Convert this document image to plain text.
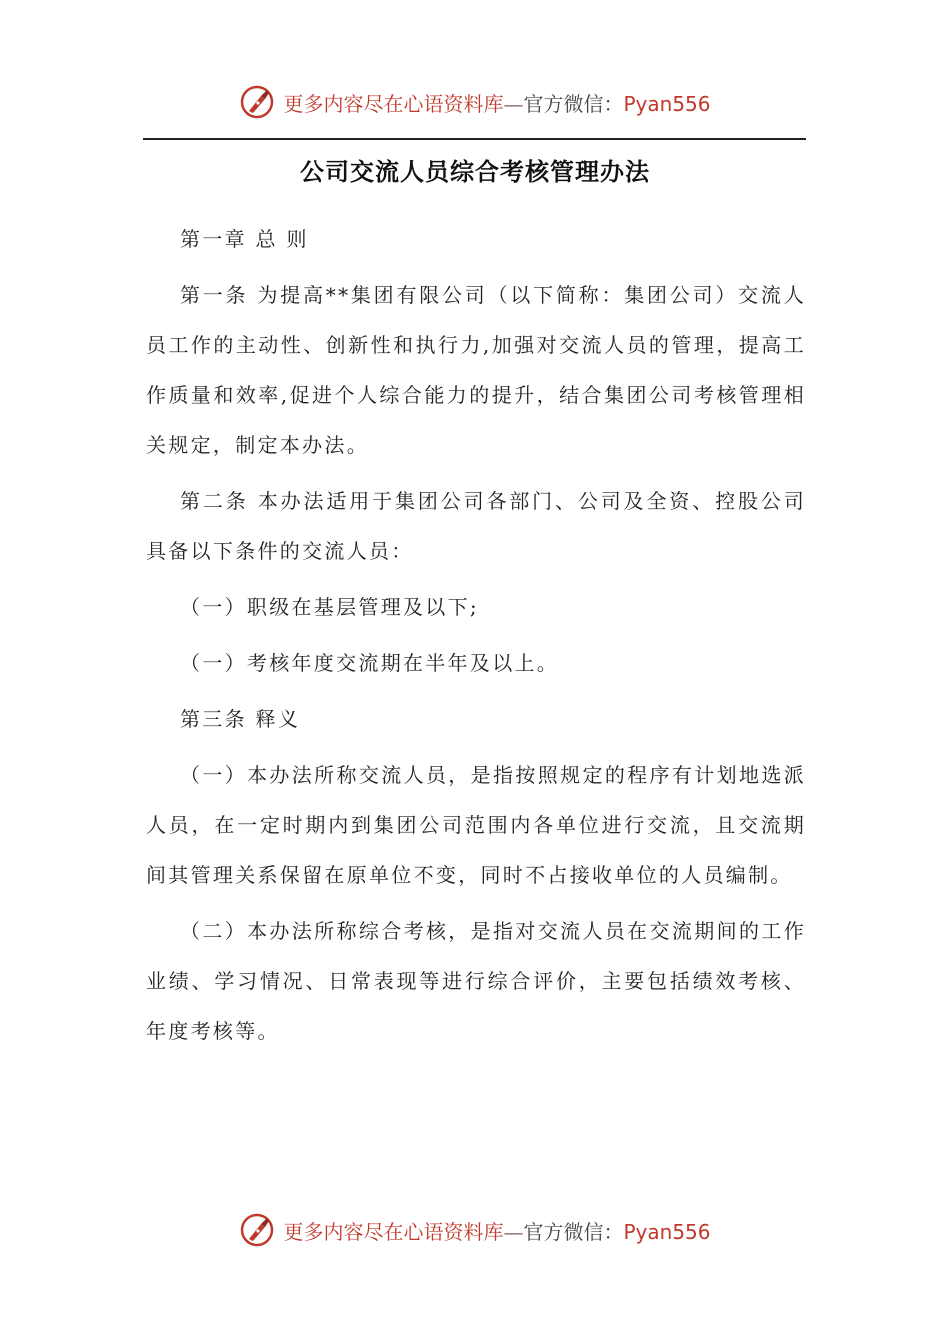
更多内容尽在心语资料库—官方微信：Pyan556
公司交流人员综合考核管理办法

第一章 总 则

第一条 为提高**集团有限公司（以下简称：集团公司）交流人员工作的主动性、创新性和执行力,加强对交流人员的管理，提高工作质量和效率,促进个人综合能力的提升，结合集团公司考核管理相关规定，制定本办法。

第二条 本办法适用于集团公司各部门、公司及全资、控股公司具备以下条件的交流人员：

（一）职级在基层管理及以下;

（一）考核年度交流期在半年及以上。

第三条 释义

（一）本办法所称交流人员，是指按照规定的程序有计划地选派人员，在一定时期内到集团公司范围内各单位进行交流，且交流期间其管理关系保留在原单位不变，同时不占接收单位的人员编制。

（二）本办法所称综合考核，是指对交流人员在交流期间的工作业绩、学习情况、日常表现等进行综合评价，主要包括绩效考核、年度考核等。

更多内容尽在心语资料库—官方微信：Pyan556
